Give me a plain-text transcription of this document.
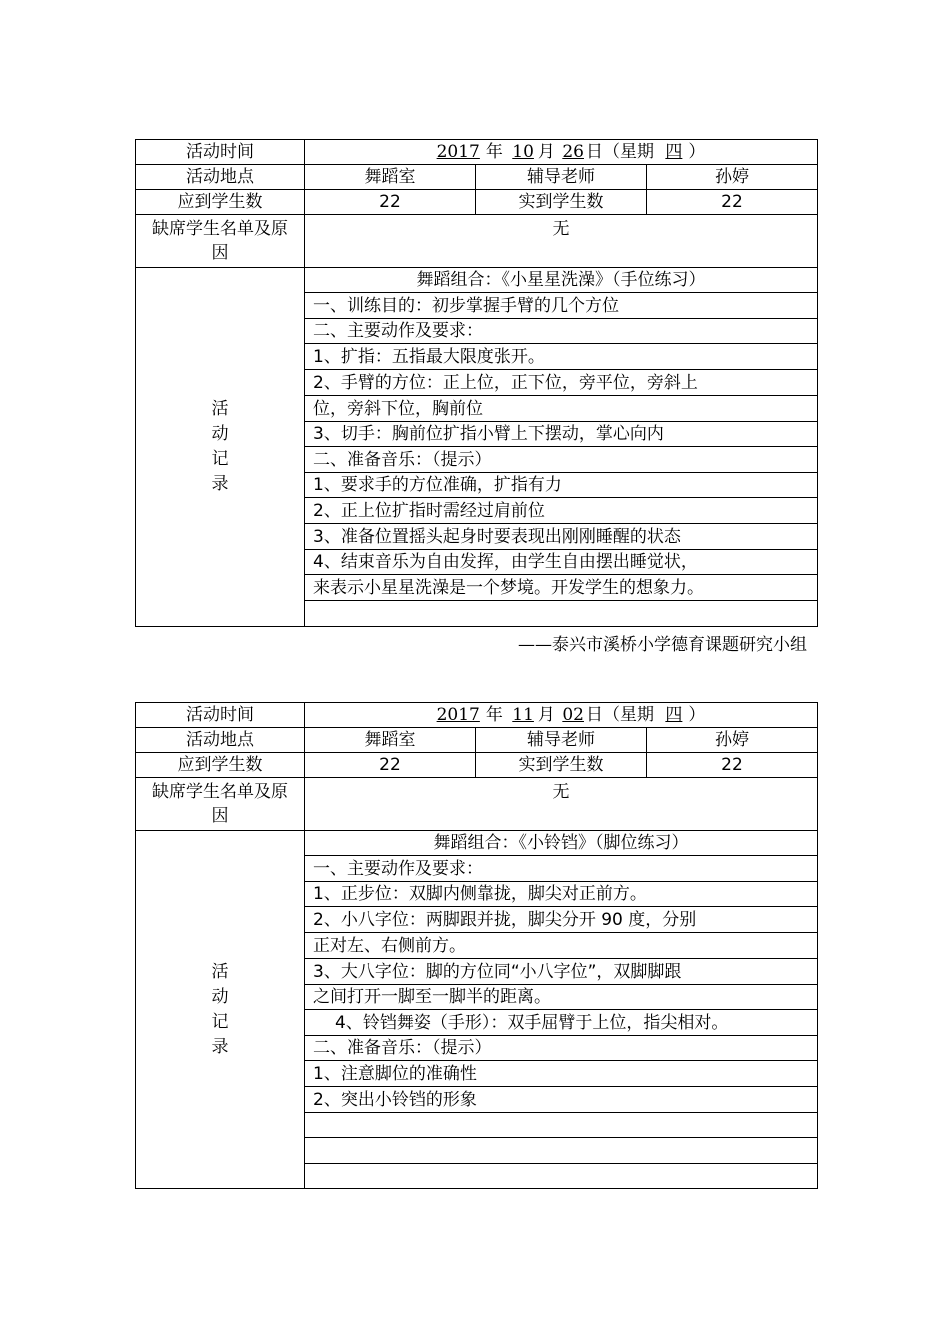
活动时间	2017 年 10 月 26 日（星期 四 ）		
活动地点	舞蹈室	辅导老师	孙婷
应到学生数	22	实到学生数	22
缺席学生名单及原因	无		

活
动
记
录	舞蹈组合：《小星星洗澡》（手位练习）		
	一、训练目的：初步掌握手臂的几个方位		
	二、主要动作及要求：		
	1、扩指：五指最大限度张开。		
	2、手臂的方位：正上位，正下位，旁平位，旁斜上		
	位，旁斜下位，胸前位		
	3、切手：胸前位扩指小臂上下摆动，掌心向内		
	二、准备音乐：（提示）		
	1、要求手的方位准确，扩指有力		
	2、正上位扩指时需经过肩前位		
	3、准备位置摇头起身时要表现出刚刚睡醒的状态		
	4、结束音乐为自由发挥，由学生自由摆出睡觉状，		
	来表示小星星洗澡是一个梦境。开发学生的想象力。		

——泰兴市溪桥小学德育课题研究小组
活动时间	2017 年 11 月 02 日（星期 四 ）		
活动地点	舞蹈室	辅导老师	孙婷
应到学生数	22	实到学生数	22
缺席学生名单及原因	无		

活
动
记
录	舞蹈组合：《小铃铛》（脚位练习）		
	一、主要动作及要求：		
	1、正步位：双脚内侧靠拢，脚尖对正前方。		
	2、小八字位：两脚跟并拢，脚尖分开 90 度，分别		
	正对左、右侧前方。		
	3、大八字位：脚的方位同“小八字位”，双脚脚跟		
	之间打开一脚至一脚半的距离。		
	4、铃铛舞姿（手形）：双手屈臂于上位，指尖相对。		
	二、准备音乐：（提示）		
	1、注意脚位的准确性		
	2、突出小铃铛的形象		
